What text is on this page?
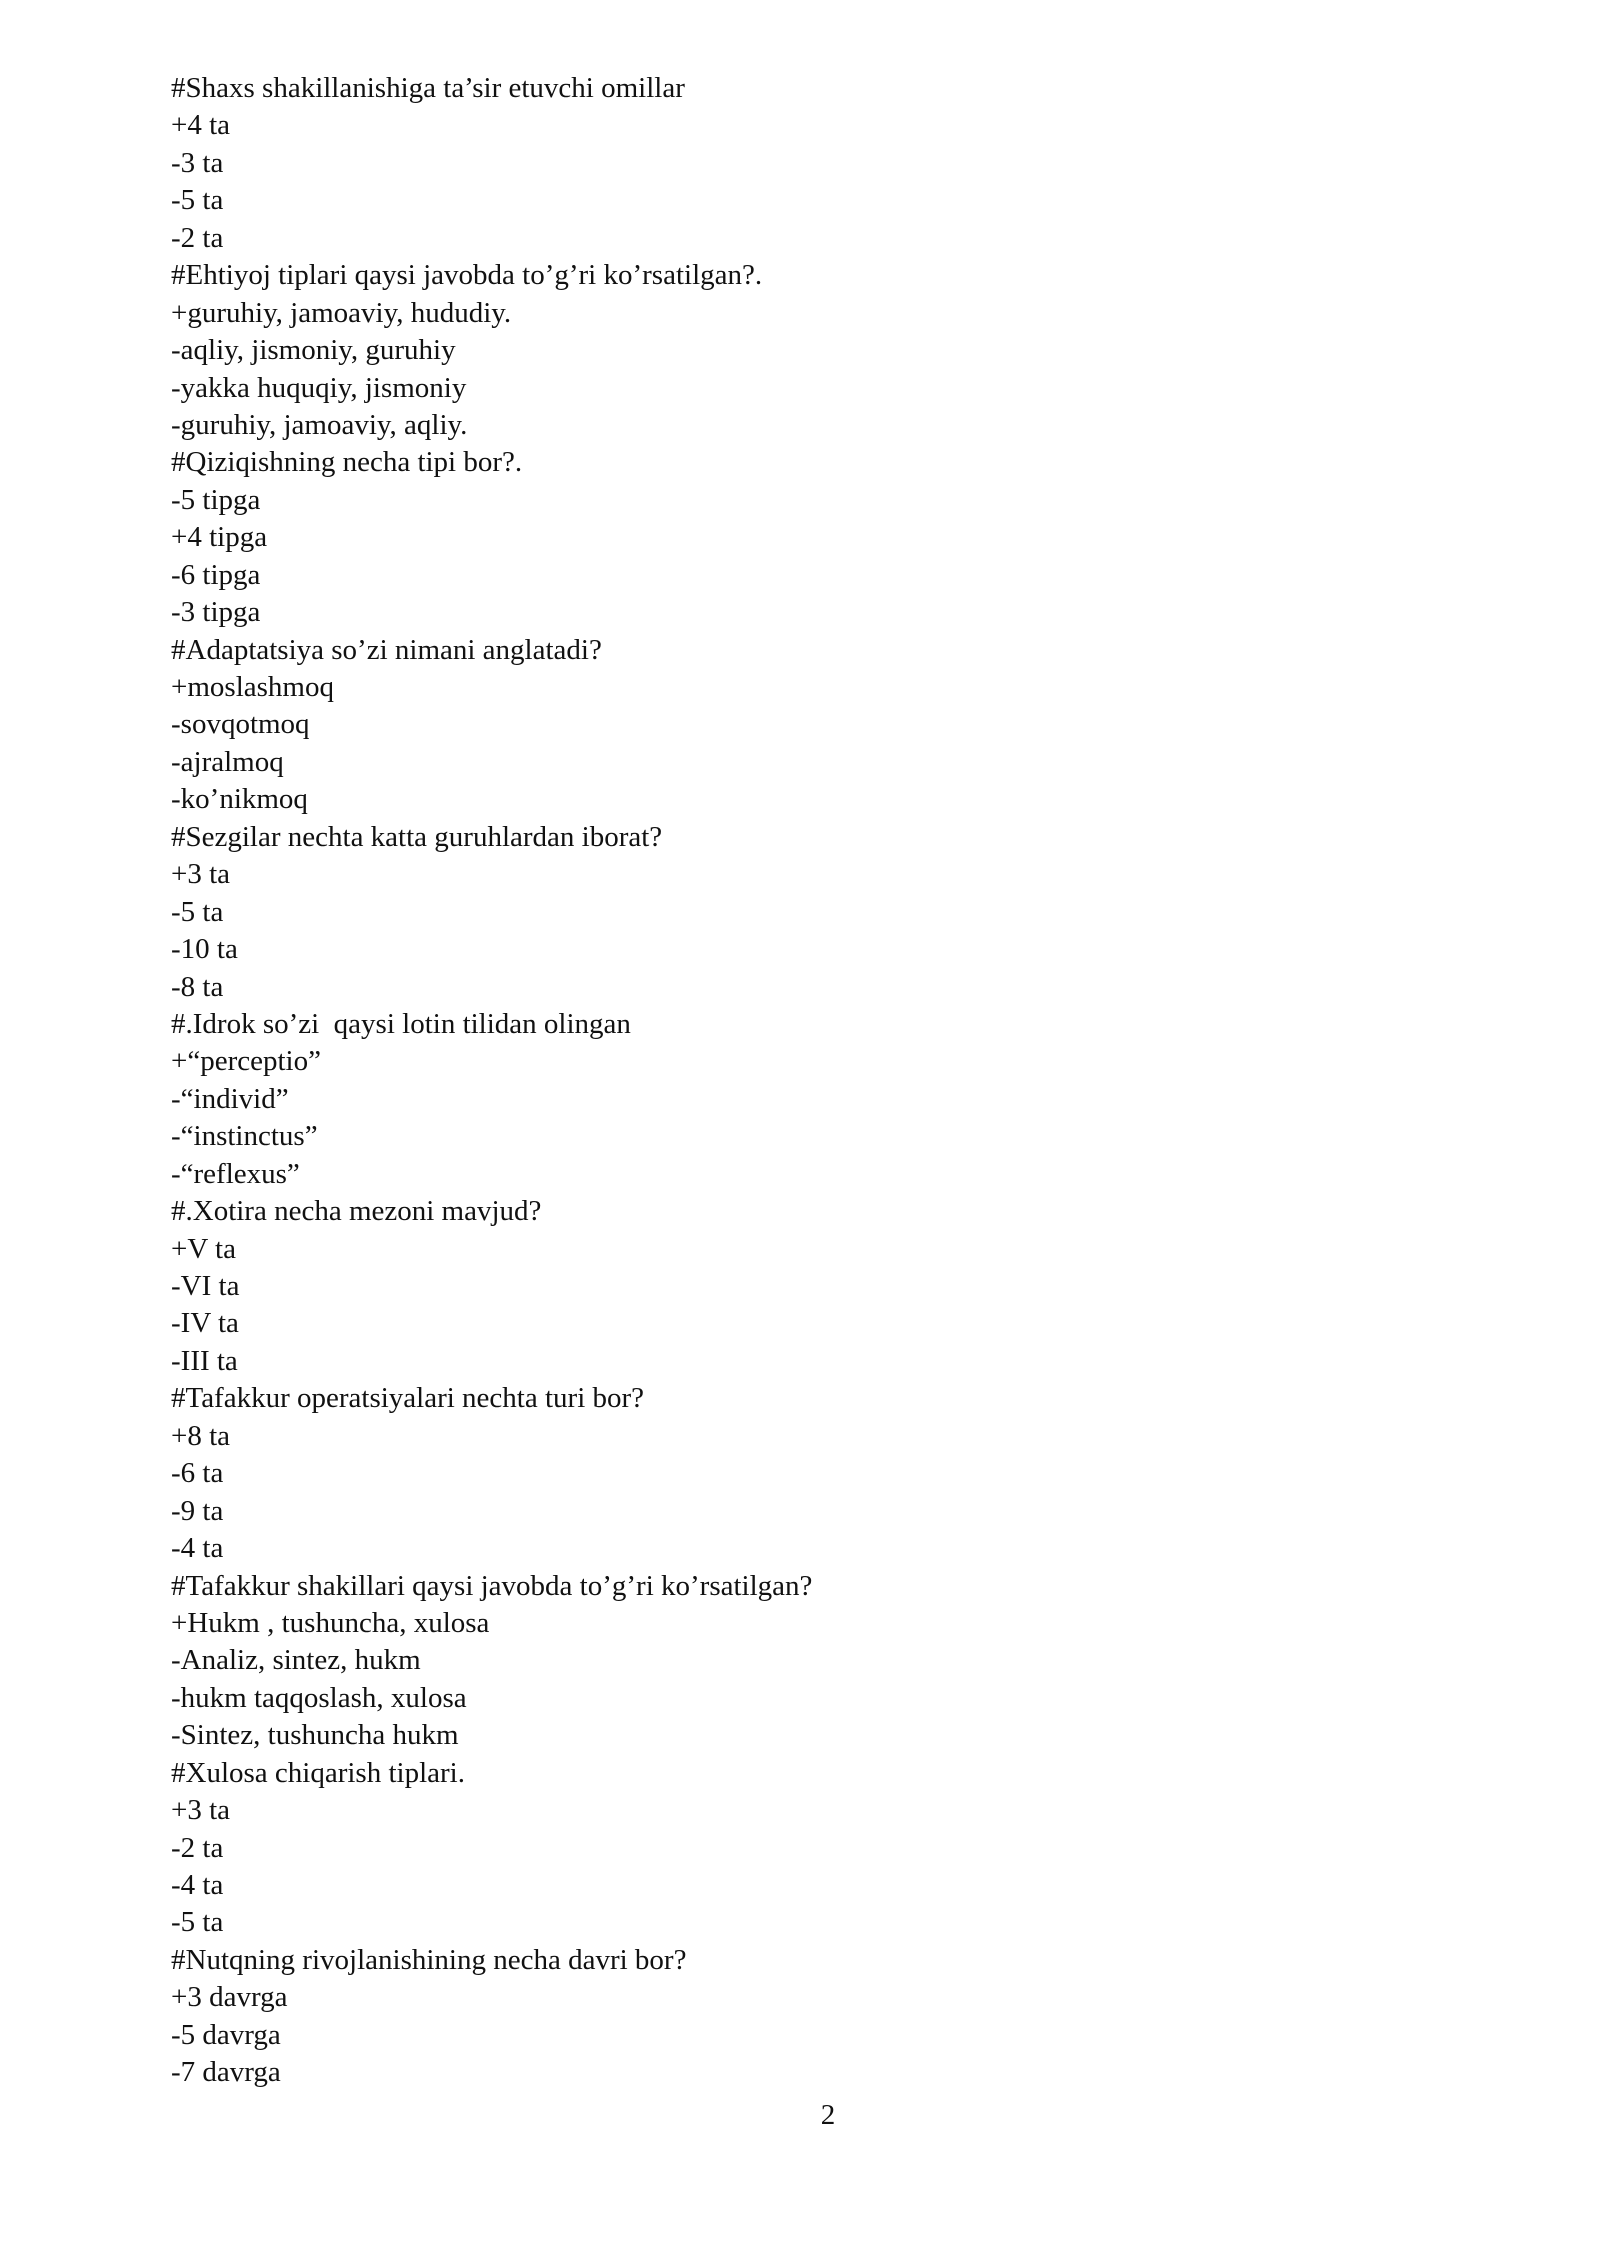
#Shaxs shakillanishiga ta’sir etuvchi omillar
+4 ta
-3 ta
-5 ta
-2 ta
#Ehtiyoj tiplari qaysi javobda to’g’ri ko’rsatilgan?.
+guruhiy, jamoaviy, hududiy.
-aqliy, jismoniy, guruhiy
-yakka huquqiy, jismoniy
-guruhiy, jamoaviy, aqliy.
#Qiziqishning necha tipi bor?.
-5 tipga
+4 tipga
-6 tipga
-3 tipga
#Adaptatsiya so’zi nimani anglatadi?
+moslashmoq
-sovqotmoq
-ajralmoq
-ko’nikmoq
#Sezgilar nechta katta guruhlardan iborat?
+3 ta
-5 ta
-10 ta
-8 ta
#.Idrok so’zi  qaysi lotin tilidan olingan
+“perceptio”
-“individ”
-“instinctus”
-“reflexus”
#.Xotira necha mezoni mavjud?
+V ta
-VI ta
-IV ta
-III ta
#Tafakkur operatsiyalari nechta turi bor?
+8 ta
-6 ta
-9 ta
-4 ta
#Tafakkur shakillari qaysi javobda to’g’ri ko’rsatilgan?
+Hukm , tushuncha, xulosa
-Analiz, sintez, hukm
-hukm taqqoslash, xulosa
-Sintez, tushuncha hukm
#Xulosa chiqarish tiplari.
+3 ta
-2 ta
-4 ta
-5 ta
#Nutqning rivojlanishining necha davri bor?
+3 davrga
-5 davrga
-7 davrga
2
